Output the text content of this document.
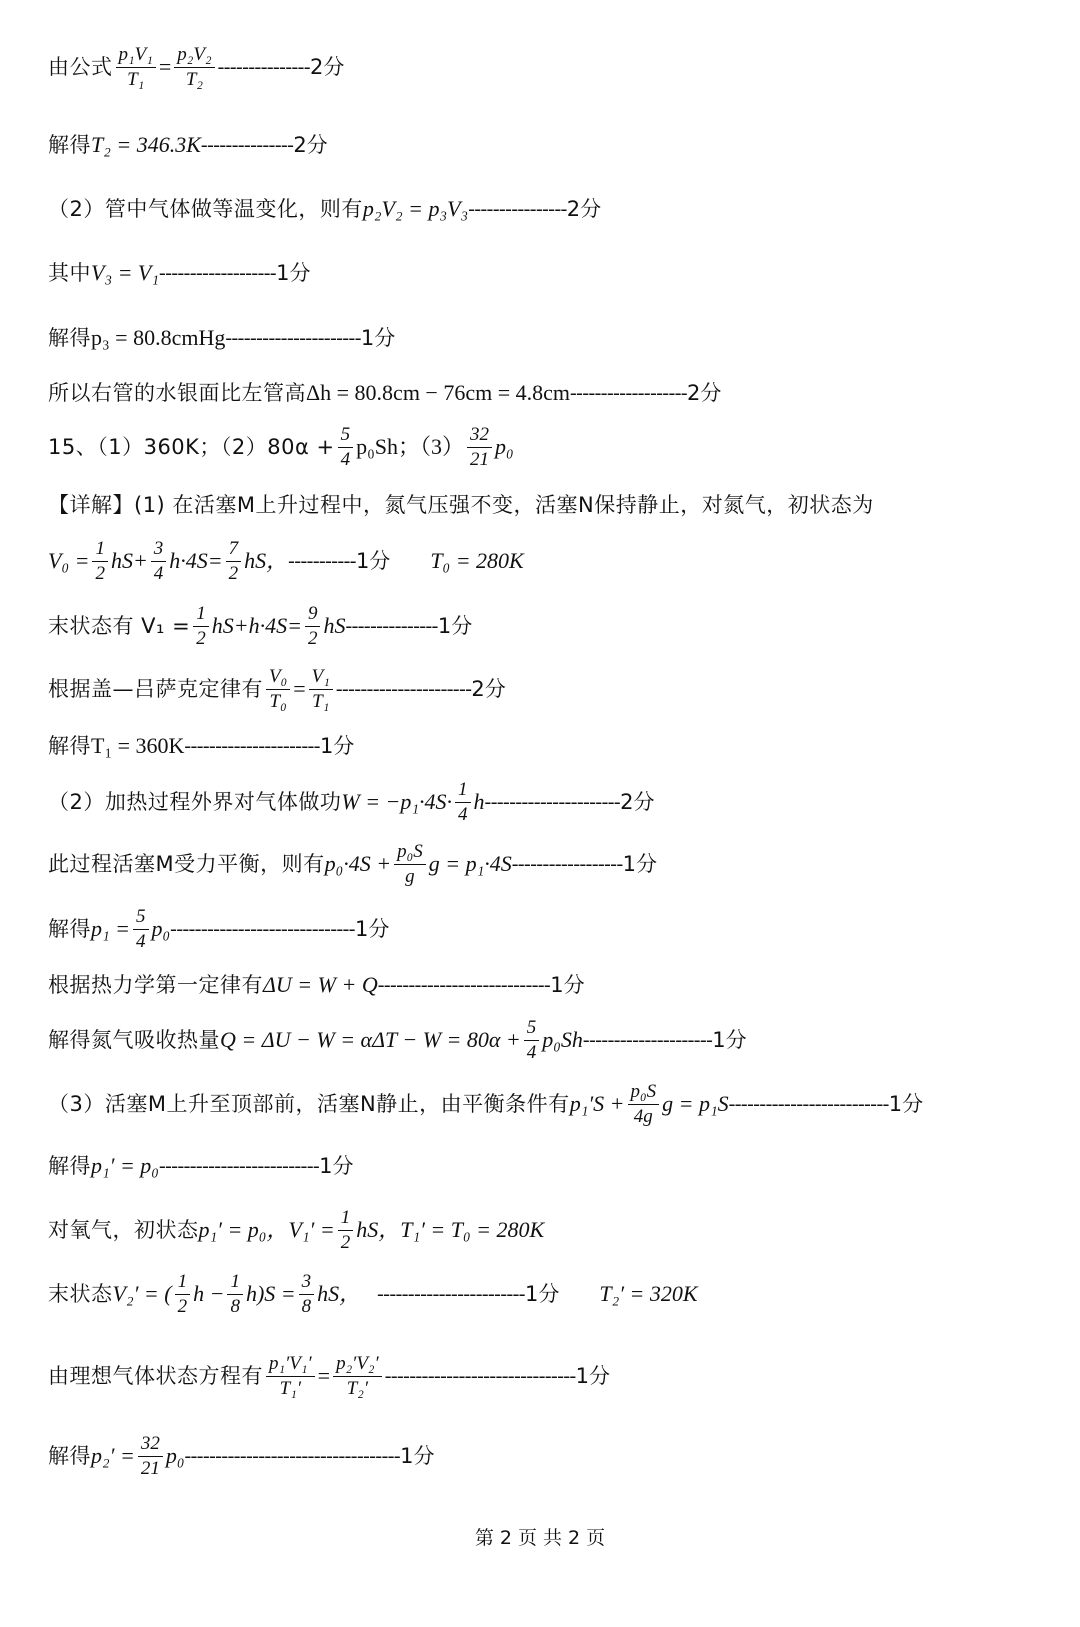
由公式 $\frac{\text{p₁V₁}}{\text{T₁}} = \frac{\text{p₂V₂}}{\text{T₂}}$ --------------- 2分
解得 T₂ = 346.3K --------------- 2分
（2）管中气体做等温变化，则有 p₂V₂ = p₃V₃ ---------------- 2分
其中 V₃ = V₁ ------------------- 1分
解得 p₃ = 80.8cmHg ---------------------- 1分
所以右管的水银面比左管高 Δh = 80.8cm − 76cm = 4.8cm ------------------- 2分
15、（1）360K；$(2)80\alpha + \frac{5}{4} p_0Sh$；$(3) \frac{32}{21} p_0$
【详解】(1) 在活塞M上升过程中，氮气压强不变，活塞N保持静止，对氮气，初状态为
$V_0 = \frac{1}{2} hS+ \frac{3}{4} h\cdot 4S= \frac{7}{2}$ hS， ----------- 1分 T₀ = 280K
末状态有 $V_1 = \frac{1}{2} hS+h\cdot 4S= \frac{9}{2}$ hS --------------- 1分
根据盖—吕萨克定律有 $\frac{\text{V₀}}{\text{T₀}} = \frac{\text{V₁}}{\text{T₁}}$ ---------------------- 2分
解得 T₁ = 360K ---------------------- 1分
（2）加热过程外界对气体做功 $W = -p_1\cdot 4S\cdot \frac{1}{4}$ h ---------------------- 2分
此过程活塞M受力平衡，则有 $p_0\cdot 4S + \frac{\text{p₀S}}{g}$ g = p₁·4S ------------------ 1分
解得 $p_1 = \frac{5}{4} p_0$ ------------------------------ 1分
根据热力学第一定律有 ΔU = W + Q ---------------------------- 1分
解得氮气吸收热量 $Q = \Delta U - W = \alpha\Delta T - W = 80\alpha + \frac{5}{4} p_0Sh$ --------------------- 1分
（3）活塞M上升至顶部前，活塞N静止，由平衡条件有 $p_1'S + \frac{\text{p₀S}}{4g}$ g = p₁S -------------------------- 1分
解得 p₁′ = p₀ -------------------------- 1分
对氧气，初状态 p₁′ = p₀，$V_1' = \frac{1}{2}$ hS，T₁′ = T₀ = 280K
末状态 V₂′ = ( $\frac{1}{2}$ $h - \frac{1}{8} h)S = \frac{3}{8}$ hS， ------------------------ 1分 T₂′ = 320K
由理想气体状态方程有 $\frac{\text{p₁′V₁′}}{\text{T₁′}} = \frac{\text{p₂′V₂′}}{\text{T₂′}}$ ------------------------------- 1分
解得 $p_2' = \frac{32}{21} p_0$ ----------------------------------- 1分
第 2 页 共 2 页
